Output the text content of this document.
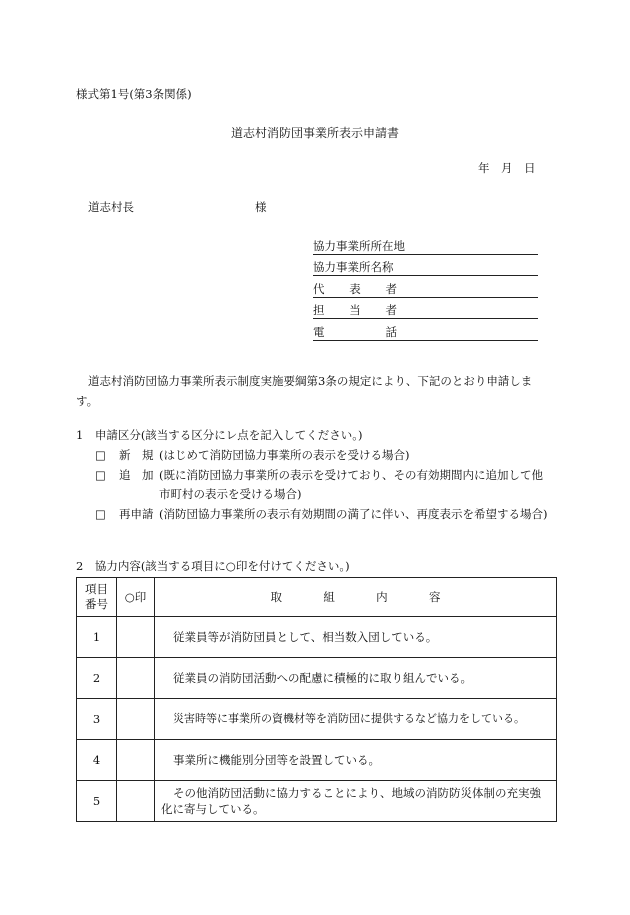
様式第1号(第3条関係)
道志村消防団事業所表示申請書
年　月　日
道志村長	様
協力事業所所在地
協力事業所名称
代 表 者
担 当 者
電	話
道志村消防団協力事業所表示制度実施要綱第3条の規定により、下記のとおり申請します。
1　申請区分(該当する区分にレ点を記入してください。)
□ 新　規 (はじめて消防団協力事業所の表示を受ける場合)
□ 追　加 (既に消防団協力事業所の表示を受けており、その有効期間内に追加して他市町村の表示を受ける場合)
□ 再申請 (消防団協力事業所の表示有効期間の満了に伴い、再度表示を希望する場合)
2　協力内容(該当する項目に○印を付けてください。)
項目番号	○印	取 組 内 容

1		従業員等が消防団員として、相当数入団している。
2		従業員の消防団活動への配慮に積極的に取り組んでいる。
3		災害時等に事業所の資機材等を消防団に提供するなど協力をしている。
4		事業所に機能別分団等を設置している。
5		その他消防団活動に協力することにより、地域の消防防災体制の充実強化に寄与している。
